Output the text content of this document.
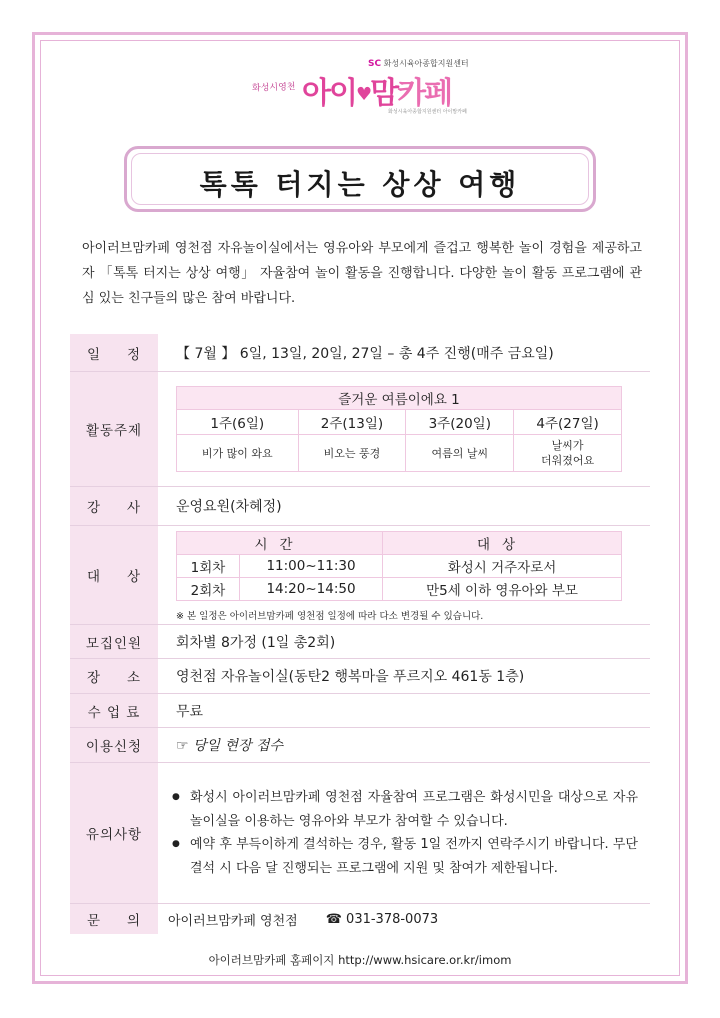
SC 화성시육아종합지원센터
화성시영천 아이♥맘카페
화성시육아종합지원센터 아이맘카페
톡톡 터지는 상상 여행
아이러브맘카페 영천점 자유놀이실에서는 영유아와 부모에게 즐겁고 행복한 놀이 경험을 제공하고자 「톡톡 터지는 상상 여행」 자율참여 놀이 활동을 진행합니다. 다양한 놀이 활동 프로그램에 관심 있는 친구들의 많은 참여 바랍니다.
일 정	【 7월 】 6일, 13일, 20일, 27일 – 총 4주 진행(매주 금요일)
활동주제
즐거운 여름이에요 1			
1주(6일)	2주(13일)	3주(20일)	4주(27일)
비가 많이 와요	비오는 풍경	여름의 날씨	날씨가
더워졌어요
강 사	운영요원(차혜정)
대 상
시간		대상
1회차	11:00~11:30	화성시 거주자로서
2회차	14:20~14:50	만5세 이하 영유아와 부모
※ 본 일정은 아이러브맘카페 영천점 일정에 따라 다소 변경될 수 있습니다.
모집인원	회차별 8가정 (1일 총2회)
장 소	영천점 자유놀이실(동탄2 행복마을 푸르지오 461동 1층)
수 업 료	무료
이용신청	☞ 당일 현장 접수
유의사항
● 화성시 아이러브맘카페 영천점 자율참여 프로그램은 화성시민을 대상으로 자유놀이실을 이용하는 영유아와 부모가 참여할 수 있습니다.
● 예약 후 부득이하게 결석하는 경우, 활동 1일 전까지 연락주시기 바랍니다. 무단결석 시 다음 달 진행되는 프로그램에 지원 및 참여가 제한됩니다.
문 의 아이러브맘카페 영천점 ☎ 031-378-0073
아이러브맘카페 홈페이지 http://www.hsicare.or.kr/imom
